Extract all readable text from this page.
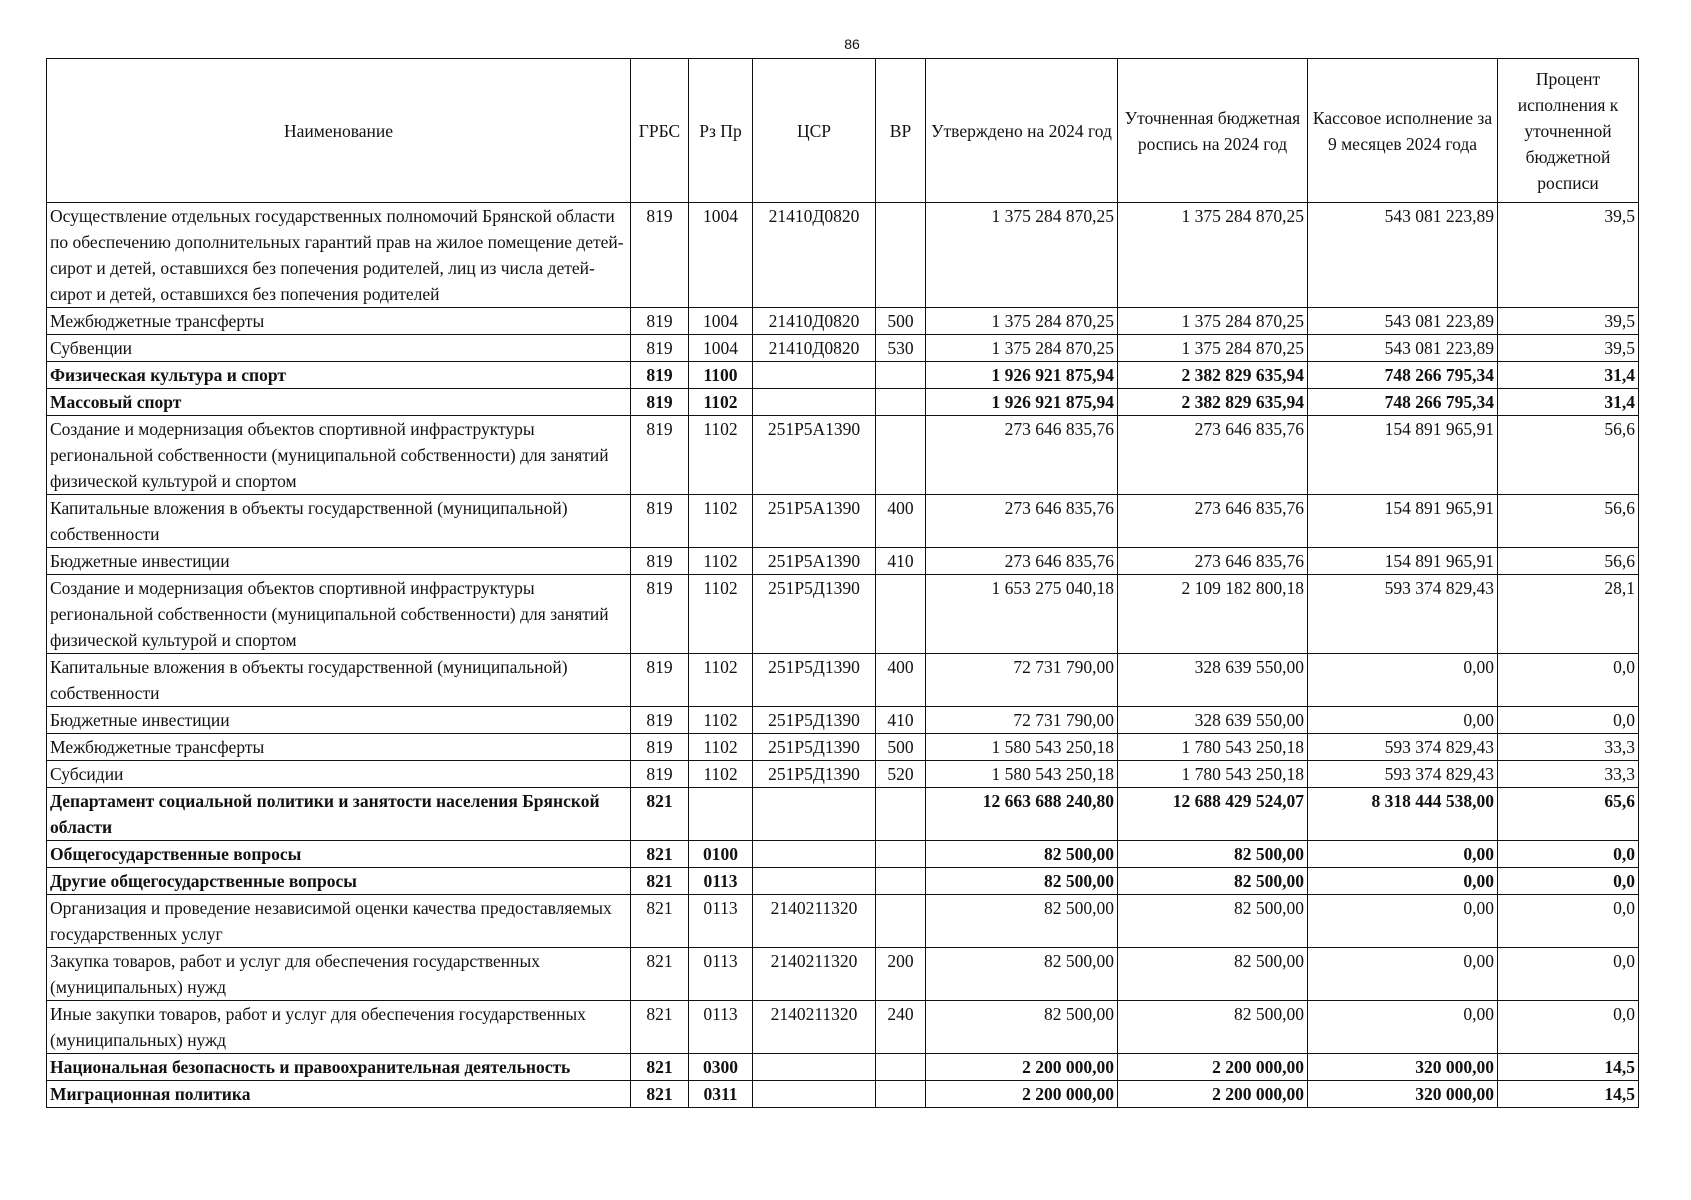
86
Наименование	ГРБС	Рз Пр	ЦСР	ВР	Утверждено на 2024 год	Уточненная бюджетная роспись на 2024 год	Кассовое исполнение за 9 месяцев 2024 года	Процент исполнения к уточненной бюджетной росписи
Осуществление отдельных государственных полномочий Брянской области по обеспечению дополнительных гарантий прав на жилое помещение детей-сирот и детей, оставшихся без попечения родителей, лиц из числа детей-сирот и детей, оставшихся без попечения родителей	819	1004	21410Д0820		1 375 284 870,25	1 375 284 870,25	543 081 223,89	39,5
Межбюджетные трансферты	819	1004	21410Д0820	500	1 375 284 870,25	1 375 284 870,25	543 081 223,89	39,5
Субвенции	819	1004	21410Д0820	530	1 375 284 870,25	1 375 284 870,25	543 081 223,89	39,5
Физическая культура и спорт	819	1100			1 926 921 875,94	2 382 829 635,94	748 266 795,34	31,4
Массовый спорт	819	1102			1 926 921 875,94	2 382 829 635,94	748 266 795,34	31,4
Создание и модернизация объектов спортивной инфраструктуры региональной собственности (муниципальной собственности) для занятий физической культурой и спортом	819	1102	251P5A1390		273 646 835,76	273 646 835,76	154 891 965,91	56,6
Капитальные вложения в объекты государственной (муниципальной) собственности	819	1102	251P5A1390	400	273 646 835,76	273 646 835,76	154 891 965,91	56,6
Бюджетные инвестиции	819	1102	251P5A1390	410	273 646 835,76	273 646 835,76	154 891 965,91	56,6
Создание и модернизация объектов спортивной инфраструктуры региональной собственности (муниципальной собственности) для занятий физической культурой и спортом	819	1102	251P5Д1390		1 653 275 040,18	2 109 182 800,18	593 374 829,43	28,1
Капитальные вложения в объекты государственной (муниципальной) собственности	819	1102	251P5Д1390	400	72 731 790,00	328 639 550,00	0,00	0,0
Бюджетные инвестиции	819	1102	251P5Д1390	410	72 731 790,00	328 639 550,00	0,00	0,0
Межбюджетные трансферты	819	1102	251P5Д1390	500	1 580 543 250,18	1 780 543 250,18	593 374 829,43	33,3
Субсидии	819	1102	251P5Д1390	520	1 580 543 250,18	1 780 543 250,18	593 374 829,43	33,3
Департамент социальной политики и занятости населения Брянской области	821				12 663 688 240,80	12 688 429 524,07	8 318 444 538,00	65,6
Общегосударственные вопросы	821	0100			82 500,00	82 500,00	0,00	0,0
Другие общегосударственные вопросы	821	0113			82 500,00	82 500,00	0,00	0,0
Организация и проведение независимой оценки качества предоставляемых государственных услуг	821	0113	2140211320		82 500,00	82 500,00	0,00	0,0
Закупка товаров, работ и услуг для обеспечения государственных (муниципальных) нужд	821	0113	2140211320	200	82 500,00	82 500,00	0,00	0,0
Иные закупки товаров, работ и услуг для обеспечения государственных (муниципальных) нужд	821	0113	2140211320	240	82 500,00	82 500,00	0,00	0,0
Национальная безопасность и правоохранительная деятельность	821	0300			2 200 000,00	2 200 000,00	320 000,00	14,5
Миграционная политика	821	0311			2 200 000,00	2 200 000,00	320 000,00	14,5
